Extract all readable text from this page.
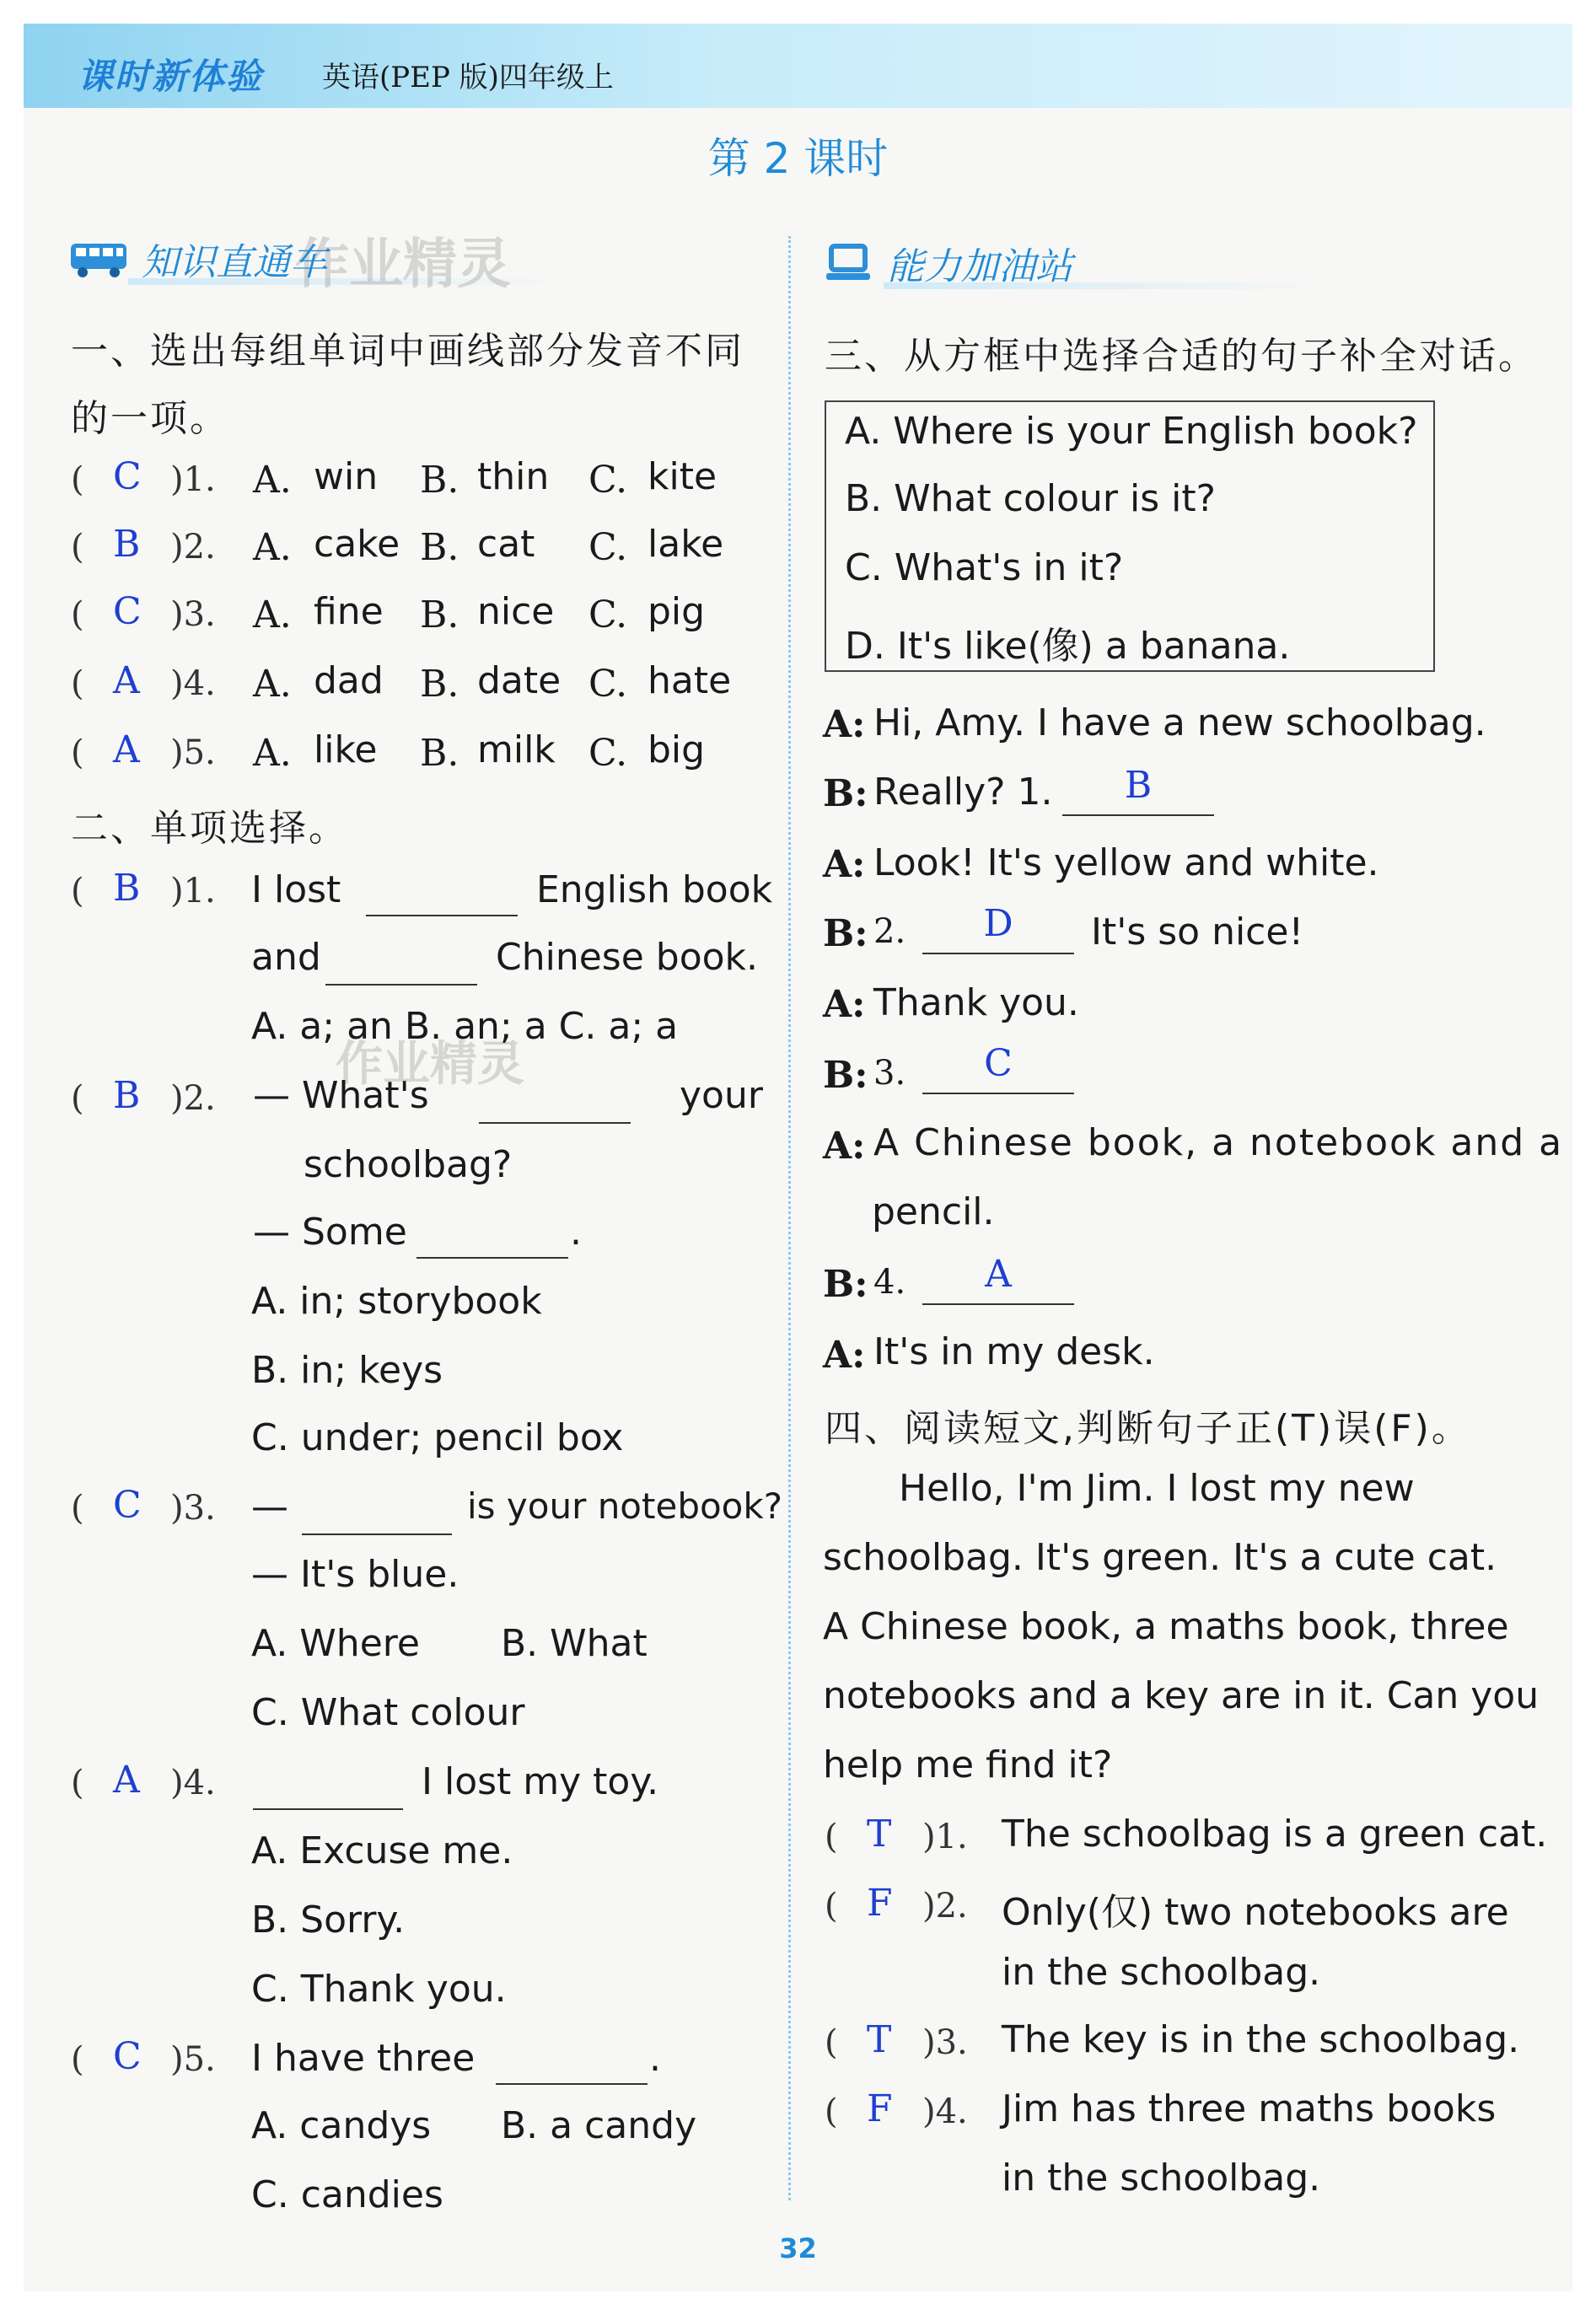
课时新体验 英语(PEP 版)四年级上
第 2 课时
知识直通车
作业精灵
作业精灵
能力加油站
一、选出每组单词中画线部分发音不同
的一项。
( C )1. A. win B. thin C. kite
( B )2. A. cake B. cat C. lake
( C )3. A. fine B. nice C. pig
( A )4. A. dad B. date C. hate
( A )5. A. like B. milk C. big
二、单项选择。
( B )1. I lost	English book
and	Chinese book.
A. a; an B. an; a C. a; a
( B )2. — What's	your
schoolbag?
— Some	.
A. in; storybook
B. in; keys
C. under; pencil box
( C )3. —	is your notebook?
— It's blue.
A. Where B. What
C. What colour
( A )4.	I lost my toy.
A. Excuse me.
B. Sorry.
C. Thank you.
( C )5. I have three	.
A. candys B. a candy
C. candies
三、从方框中选择合适的句子补全对话。
A. Where is your English book?
B. What colour is it?
C. What's in it?
D. It's like(像) a banana.
A: Hi, Amy. I have a new schoolbag.
B: Really? 1.	B
A: Look! It's yellow and white.
B: 2.	D	It's so nice!
A: Thank you.
B: 3.	C
A: A Chinese book, a notebook and a
pencil.
B: 4.	A
A: It's in my desk.
四、阅读短文,判断句子正(T)误(F)。
Hello, I'm Jim. I lost my new
schoolbag. It's green. It's a cute cat.
A Chinese book, a maths book, three
notebooks and a key are in it. Can you
help me find it?
( T )1. The schoolbag is a green cat.
( F )2. Only(仅) two notebooks are
in the schoolbag.
( T )3. The key is in the schoolbag.
( F )4. Jim has three maths books
in the schoolbag.
32
